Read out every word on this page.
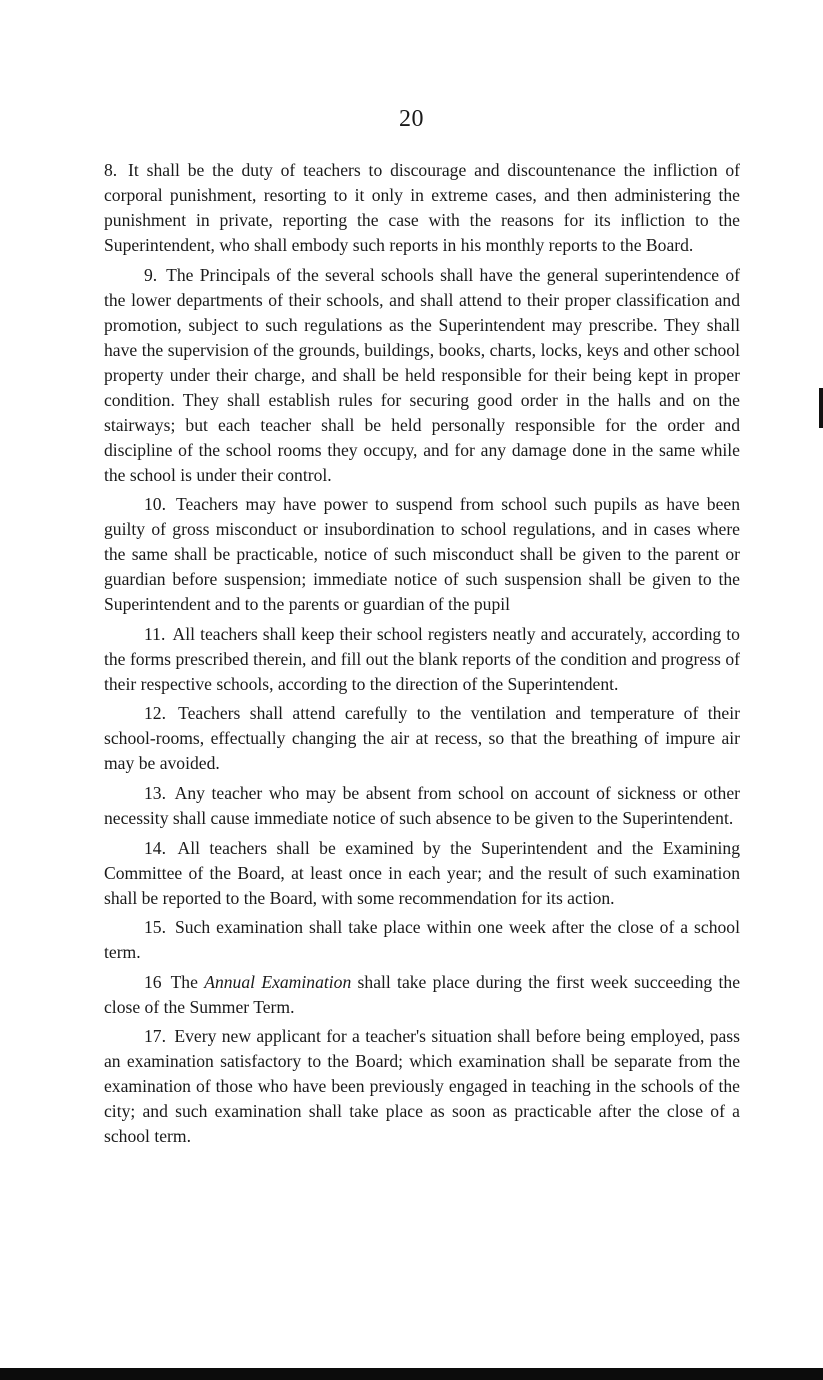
20

8. It shall be the duty of teachers to discourage and discountenance the infliction of corporal punishment, resorting to it only in extreme cases, and then administering the punishment in private, reporting the case with the reasons for its infliction to the Superintendent, who shall embody such reports in his monthly reports to the Board.

9. The Principals of the several schools shall have the general superintendence of the lower departments of their schools, and shall attend to their proper classification and promotion, subject to such regulations as the Superintendent may prescribe. They shall have the supervision of the grounds, buildings, books, charts, locks, keys and other school property under their charge, and shall be held responsible for their being kept in proper condition. They shall establish rules for securing good order in the halls and on the stairways; but each teacher shall be held personally responsible for the order and discipline of the school rooms they occupy, and for any damage done in the same while the school is under their control.

10. Teachers may have power to suspend from school such pupils as have been guilty of gross misconduct or insubordination to school regulations, and in cases where the same shall be practicable, notice of such misconduct shall be given to the parent or guardian before suspension; immediate notice of such suspension shall be given to the Superintendent and to the parents or guardian of the pupil

11. All teachers shall keep their school registers neatly and accurately, according to the forms prescribed therein, and fill out the blank reports of the condition and progress of their respective schools, according to the direction of the Superintendent.

12. Teachers shall attend carefully to the ventilation and temperature of their school-rooms, effectually changing the air at recess, so that the breathing of impure air may be avoided.

13. Any teacher who may be absent from school on account of sickness or other necessity shall cause immediate notice of such absence to be given to the Superintendent.

14. All teachers shall be examined by the Superintendent and the Examining Committee of the Board, at least once in each year; and the result of such examination shall be reported to the Board, with some recommendation for its action.

15. Such examination shall take place within one week after the close of a school term.

16 The Annual Examination shall take place during the first week succeeding the close of the Summer Term.

17. Every new applicant for a teacher's situation shall before being employed, pass an examination satisfactory to the Board; which examination shall be separate from the examination of those who have been previously engaged in teaching in the schools of the city; and such examination shall take place as soon as practicable after the close of a school term.
